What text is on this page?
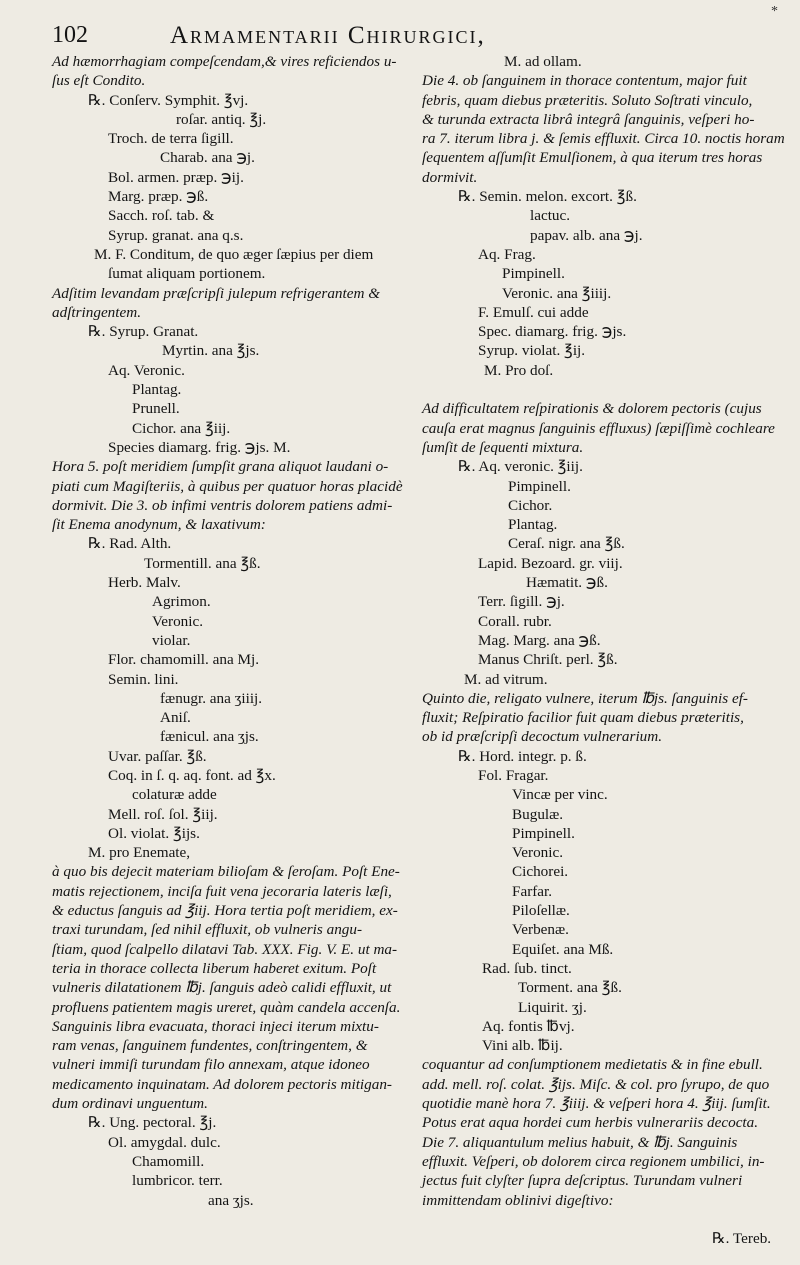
*
102	Armamentarii Chirurgici,
Ad hæmorrhagiam compeſcendam,& vires reficiendos u-
ſus eſt Condito.
℞. Conſerv. Symphit. ℥vj.
roſar. antiq. ℥j.
Troch. de terra ſigill.
Charab. ana ℈j.
Bol. armen. præp. ℈ij.
Marg. præp. ℈ß.
Sacch. roſ. tab. &
Syrup. granat. ana q.s.
M. F. Conditum, de quo æger ſæpius per diem
ſumat aliquam portionem.
Adſitim levandam præſcripſi julepum refrigerantem &
adſtringentem.
℞. Syrup. Granat.
Myrtin. ana ℥js.
Aq. Veronic.
Plantag.
Prunell.
Cichor. ana ℥iij.
Species diamarg. frig. ℈js. M.
Hora 5. poſt meridiem ſumpſit grana aliquot laudani o-
piati cum Magiſteriis, à quibus per quatuor horas placidè
dormivit. Die 3. ob infimi ventris dolorem patiens admi-
ſit Enema anodynum, & laxativum:
℞. Rad. Alth.
Tormentill. ana ℥ß.
Herb. Malv.
Agrimon.
Veronic.
violar.
Flor. chamomill. ana Mj.
Semin. lini.
fænugr. ana ʒiiij.
Aniſ.
fænicul. ana ʒjs.
Uvar. paſſar. ℥ß.
Coq. in ſ. q. aq. font. ad ℥x.
colaturæ adde
Mell. roſ. ſol. ℥iij.
Ol. violat. ℥ijs.
M. pro Enemate,
à quo bis dejecit materiam bilioſam & ſeroſam. Poſt Ene-
matis rejectionem, inciſa fuit vena jecoraria lateris læſi,
& eductus ſanguis ad ℥iij. Hora tertia poſt meridiem, ex-
traxi turundam, ſed nihil effluxit, ob vulneris angu-
ſtiam, quod ſcalpello dilatavi Tab. XXX. Fig. V. E. ut ma-
teria in thorace collecta liberum haberet exitum. Poſt
vulneris dilatationem ℔j. ſanguis adeò calidi effluxit, ut
profluens patientem magis ureret, quàm candela accenſa.
Sanguinis libra evacuata, thoraci injeci iterum mixtu-
ram venas, ſanguinem fundentes, conſtringentem, &
vulneri immiſi turundam filo annexam, atque idoneo
medicamento inquinatam. Ad dolorem pectoris mitigan-
dum ordinavi unguentum.
℞. Ung. pectoral. ℥j.
Ol. amygdal. dulc.
Chamomill.
lumbricor. terr.
ana ʒjs.
M. ad ollam.
Die 4. ob ſanguinem in thorace contentum, major fuit
febris, quam diebus præteritis. Soluto Soſtrati vinculo,
& turunda extracta librâ integrâ ſanguinis, veſperi ho-
ra 7. iterum libra j. & ſemis effluxit. Circa 10. noctis horam
ſequentem aſſumſit Emulſionem, à qua iterum tres horas
dormivit.
℞. Semin. melon. excort. ℥ß.
lactuc.
papav. alb. ana ℈j.
Aq. Frag.
Pimpinell.
Veronic. ana ℥iiij.
F. Emulſ. cui adde
Spec. diamarg. frig. ℈js.
Syrup. violat. ℥ij.
M. Pro doſ.

Ad difficultatem reſpirationis & dolorem pectoris (cujus
cauſa erat magnus ſanguinis effluxus) ſæpiſſimè cochleare
ſumſit de ſequenti mixtura.
℞. Aq. veronic. ℥iij.
Pimpinell.
Cichor.
Plantag.
Ceraſ. nigr. ana ℥ß.
Lapid. Bezoard. gr. viij.
Hæmatit. ℈ß.
Terr. ſigill. ℈j.
Corall. rubr.
Mag. Marg. ana ℈ß.
Manus Chriſt. perl. ℥ß.
M. ad vitrum.
Quinto die, religato vulnere, iterum ℔js. ſanguinis ef-
fluxit; Reſpiratio facilior fuit quam diebus præteritis,
ob id præſcripſi decoctum vulnerarium.
℞. Hord. integr. p. ß.
Fol. Fragar.
Vincæ per vinc.
Bugulæ.
Pimpinell.
Veronic.
Cichorei.
Farfar.
Piloſellæ.
Verbenæ.
Equiſet. ana Mß.
Rad. ſub. tinct.
Torment. ana ℥ß.
Liquirit. ʒj.
Aq. fontis ℔vj.
Vini alb. ℔ij.
coquantur ad conſumptionem medietatis & in fine ebull.
add. mell. roſ. colat. ℥ijs. Miſc. & col. pro ſyrupo, de quo
quotidie manè hora 7. ℥iiij. & veſperi hora 4. ℥iij. ſumſit.
Potus erat aqua hordei cum herbis vulnerariis decocta.
Die 7. aliquantulum melius habuit, & ℔j. Sanguinis
effluxit. Veſperi, ob dolorem circa regionem umbilici, in-
jectus fuit clyſter ſupra deſcriptus. Turundam vulneri
immittendam oblinivi digeſtivo:

℞. Tereb.
